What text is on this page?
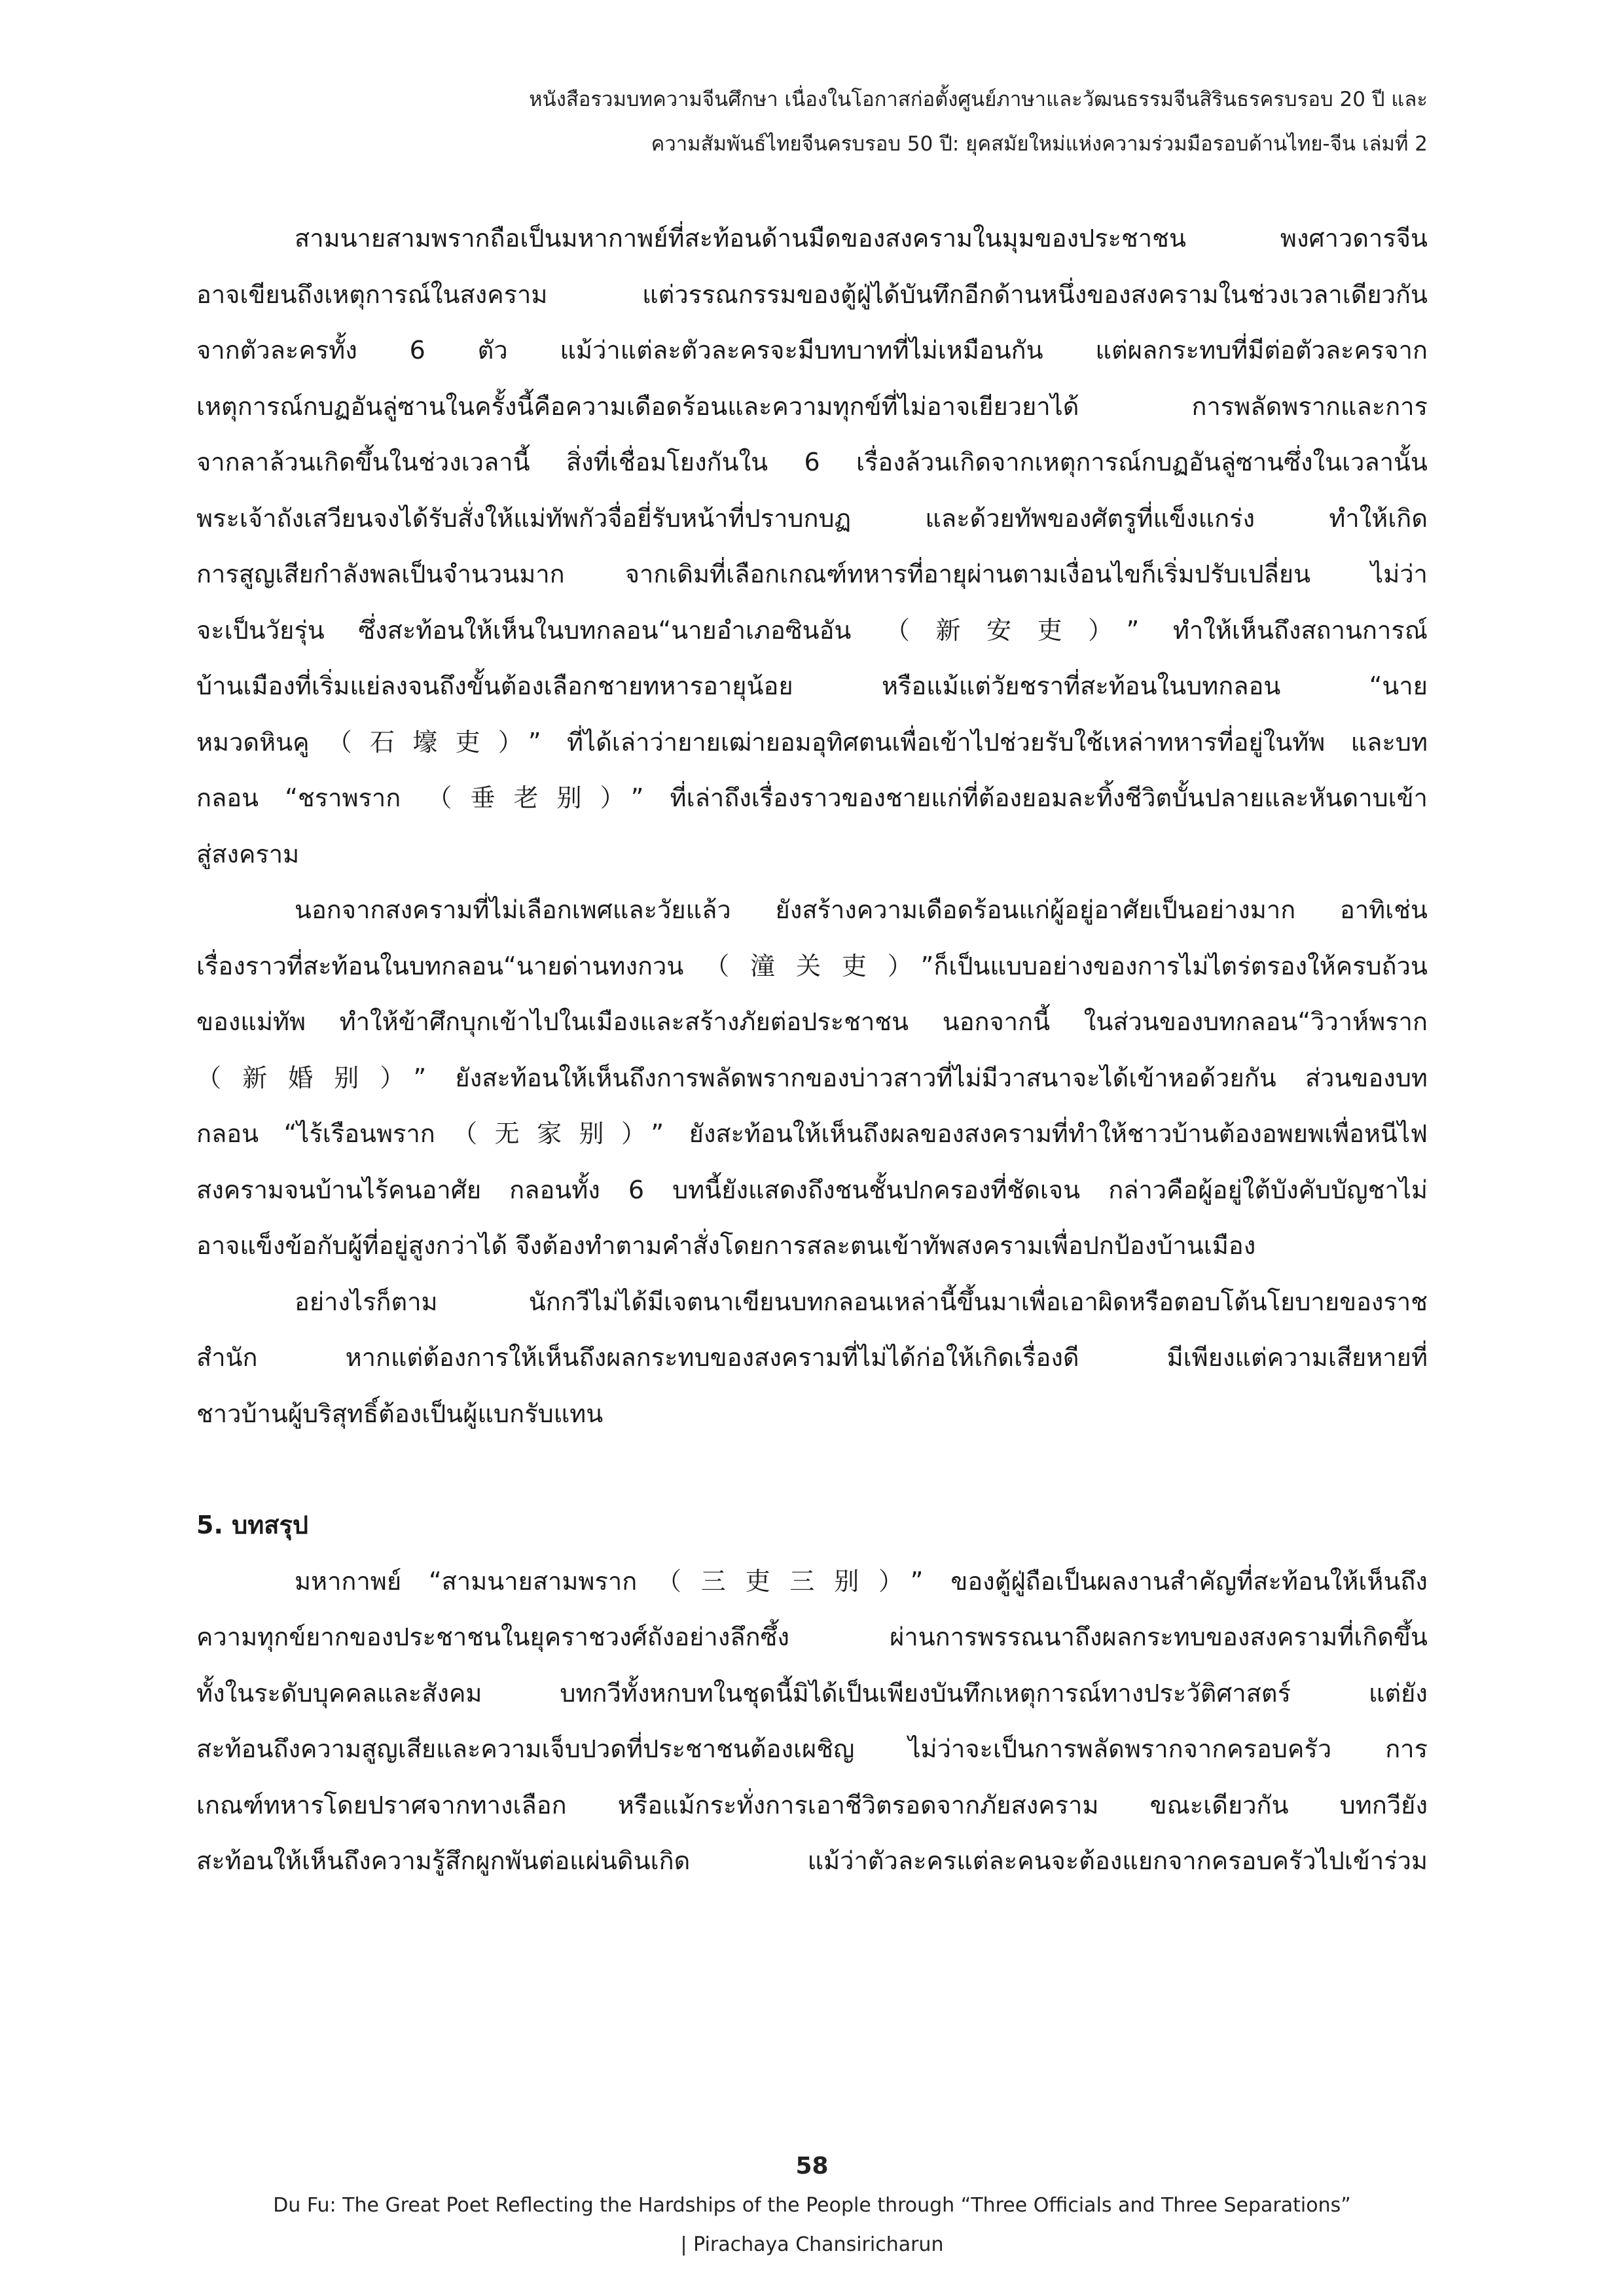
หนังสือรวมบทความจีนศึกษา เนื่องในโอกาสก่อตั้งศูนย์ภาษาและวัฒนธรรมจีนสิรินธรครบรอบ 20 ปี และ

ความสัมพันธ์ไทยจีนครบรอบ 50 ปี: ยุคสมัยใหม่แห่งความร่วมมือรอบด้านไทย-จีน เล่มที่ 2

สามนายสามพรากถือเป็นมหากาพย์ที่สะท้อนด้านมืดของสงครามในมุมของประชาชน พงศาวดารจีน
อาจเขียนถึงเหตุการณ์ในสงคราม แต่วรรณกรรมของตู้ฝู่ได้บันทึกอีกด้านหนึ่งของสงครามในช่วงเวลาเดียวกัน
จากตัวละครทั้ง 6 ตัว แม้ว่าแต่ละตัวละครจะมีบทบาทที่ไม่เหมือนกัน แต่ผลกระทบที่มีต่อตัวละครจาก
เหตุการณ์กบฏอันลู่ซานในครั้งนี้คือความเดือดร้อนและความทุกข์ที่ไม่อาจเยียวยาได้ การพลัดพรากและการ
จากลาล้วนเกิดขึ้นในช่วงเวลานี้ สิ่งที่เชื่อมโยงกันใน 6 เรื่องล้วนเกิดจากเหตุการณ์กบฏอันลู่ซานซึ่งในเวลานั้น
พระเจ้าถังเสวียนจงได้รับสั่งให้แม่ทัพกัวจื่อยี่รับหน้าที่ปราบกบฏ และด้วยทัพของศัตรูที่แข็งแกร่ง ทำให้เกิด
การสูญเสียกำลังพลเป็นจำนวนมาก จากเดิมที่เลือกเกณฑ์ทหารที่อายุผ่านตามเงื่อนไขก็เริ่มปรับเปลี่ยน ไม่ว่า
จะเป็นวัยรุ่น ซึ่งสะท้อนให้เห็นในบทกลอน“นายอำเภอซินอัน （新安吏）” ทำให้เห็นถึงสถานการณ์
บ้านเมืองที่เริ่มแย่ลงจนถึงขั้นต้องเลือกชายทหารอายุน้อย หรือแม้แต่วัยชราที่สะท้อนในบทกลอน “นาย
หมวดหินคู（石壕吏）” ที่ได้เล่าว่ายายเฒ่ายอมอุทิศตนเพื่อเข้าไปช่วยรับใช้เหล่าทหารที่อยู่ในทัพ และบท
กลอน “ชราพราก （垂老别）” ที่เล่าถึงเรื่องราวของชายแก่ที่ต้องยอมละทิ้งชีวิตบั้นปลายและหันดาบเข้า
สู่สงคราม

นอกจากสงครามที่ไม่เลือกเพศและวัยแล้ว ยังสร้างความเดือดร้อนแก่ผู้อยู่อาศัยเป็นอย่างมาก อาทิเช่น
เรื่องราวที่สะท้อนในบทกลอน“นายด่านทงกวน（潼关吏）”ก็เป็นแบบอย่างของการไม่ไตร่ตรองให้ครบถ้วน
ของแม่ทัพ ทำให้ข้าศึกบุกเข้าไปในเมืองและสร้างภัยต่อประชาชน นอกจากนี้ ในส่วนของบทกลอน“วิวาห์พราก
（新婚别）” ยังสะท้อนให้เห็นถึงการพลัดพรากของบ่าวสาวที่ไม่มีวาสนาจะได้เข้าหอด้วยกัน ส่วนของบท
กลอน “ไร้เรือนพราก（无家别）” ยังสะท้อนให้เห็นถึงผลของสงครามที่ทำให้ชาวบ้านต้องอพยพเพื่อหนีไฟ
สงครามจนบ้านไร้คนอาศัย กลอนทั้ง 6 บทนี้ยังแสดงถึงชนชั้นปกครองที่ชัดเจน กล่าวคือผู้อยู่ใต้บังคับบัญชาไม่
อาจแข็งข้อกับผู้ที่อยู่สูงกว่าได้ จึงต้องทำตามคำสั่งโดยการสละตนเข้าทัพสงครามเพื่อปกป้องบ้านเมือง

อย่างไรก็ตาม นักกวีไม่ได้มีเจตนาเขียนบทกลอนเหล่านี้ขึ้นมาเพื่อเอาผิดหรือตอบโต้นโยบายของราช
สำนัก หากแต่ต้องการให้เห็นถึงผลกระทบของสงครามที่ไม่ได้ก่อให้เกิดเรื่องดี มีเพียงแต่ความเสียหายที่
ชาวบ้านผู้บริสุทธิ์ต้องเป็นผู้แบกรับแทน

5. บทสรุป

มหากาพย์ “สามนายสามพราก（三吏三别）” ของตู้ฝู่ถือเป็นผลงานสำคัญที่สะท้อนให้เห็นถึง
ความทุกข์ยากของประชาชนในยุคราชวงศ์ถังอย่างลึกซึ้ง ผ่านการพรรณนาถึงผลกระทบของสงครามที่เกิดขึ้น
ทั้งในระดับบุคคลและสังคม บทกวีทั้งหกบทในชุดนี้มิได้เป็นเพียงบันทึกเหตุการณ์ทางประวัติศาสตร์ แต่ยัง
สะท้อนถึงความสูญเสียและความเจ็บปวดที่ประชาชนต้องเผชิญ ไม่ว่าจะเป็นการพลัดพรากจากครอบครัว การ
เกณฑ์ทหารโดยปราศจากทางเลือก หรือแม้กระทั่งการเอาชีวิตรอดจากภัยสงคราม ขณะเดียวกัน บทกวียัง
สะท้อนให้เห็นถึงความรู้สึกผูกพันต่อแผ่นดินเกิด แม้ว่าตัวละครแต่ละคนจะต้องแยกจากครอบครัวไปเข้าร่วม

58

Du Fu: The Great Poet Reflecting the Hardships of the People through “Three Officials and Three Separations”

| Pirachaya Chansiricharun
